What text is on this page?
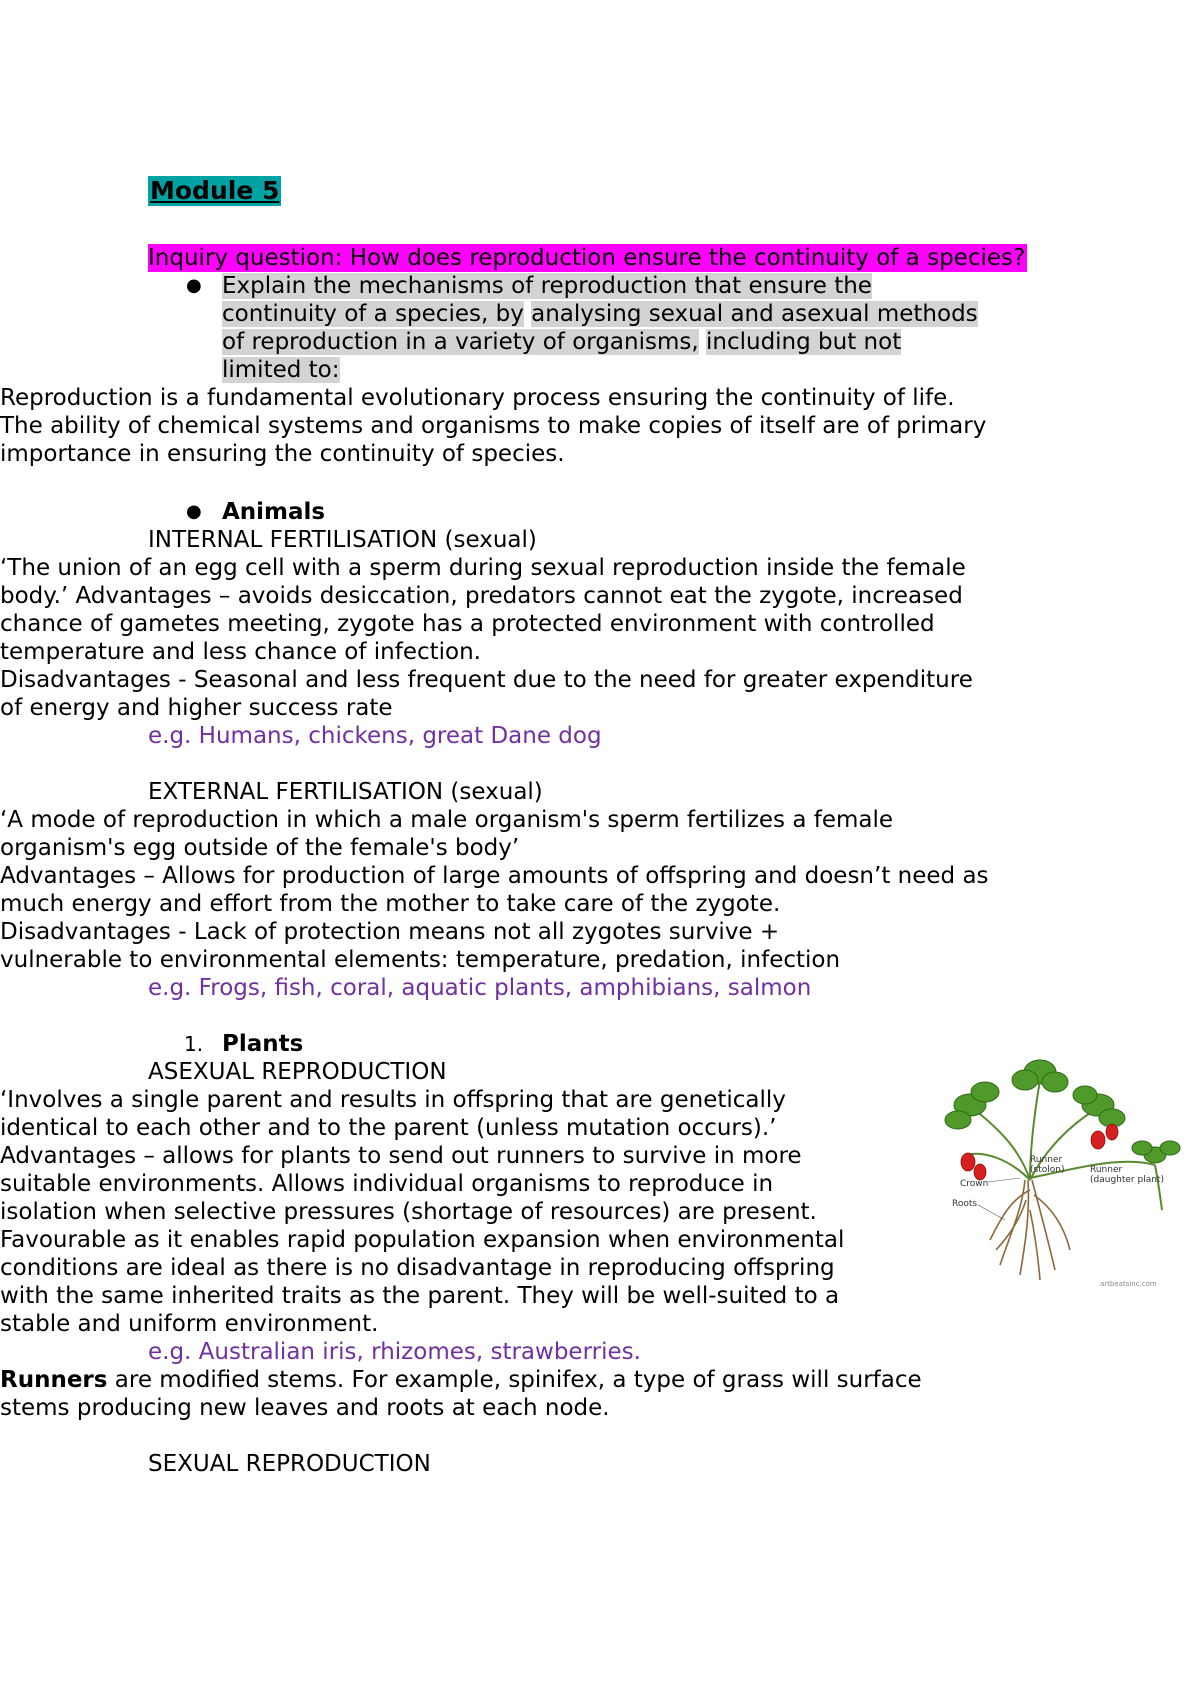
Module 5
Inquiry question: How does reproduction ensure the continuity of a species?
● Explain the mechanisms of reproduction that ensure the
continuity of a species, by analysing sexual and asexual methods
of reproduction in a variety of organisms, including but not
limited to:
Reproduction is a fundamental evolutionary process ensuring the continuity of life.
The ability of chemical systems and organisms to make copies of itself are of primary
importance in ensuring the continuity of species.
● Animals
INTERNAL FERTILISATION (sexual)
‘The union of an egg cell with a sperm during sexual reproduction inside the female
body.’ Advantages – avoids desiccation, predators cannot eat the zygote, increased
chance of gametes meeting, zygote has a protected environment with controlled
temperature and less chance of infection.
Disadvantages - Seasonal and less frequent due to the need for greater expenditure
of energy and higher success rate
e.g. Humans, chickens, great Dane dog
EXTERNAL FERTILISATION (sexual)
‘A mode of reproduction in which a male organism's sperm fertilizes a female
organism's egg outside of the female's body’
Advantages – Allows for production of large amounts of offspring and doesn’t need as
much energy and effort from the mother to take care of the zygote.
Disadvantages - Lack of protection means not all zygotes survive +
vulnerable to environmental elements: temperature, predation, infection
e.g. Frogs, fish, coral, aquatic plants, amphibians, salmon
1. Plants
ASEXUAL REPRODUCTION
‘Involves a single parent and results in offspring that are genetically
identical to each other and to the parent (unless mutation occurs).’
Advantages – allows for plants to send out runners to survive in more
suitable environments. Allows individual organisms to reproduce in
isolation when selective pressures (shortage of resources) are present.
Favourable as it enables rapid population expansion when environmental
conditions are ideal as there is no disadvantage in reproducing offspring
with the same inherited traits as the parent. They will be well-suited to a
stable and uniform environment.
e.g. Australian iris, rhizomes, strawberries.
Runners are modified stems. For example, spinifex, a type of grass will surface
stems producing new leaves and roots at each node.
SEXUAL REPRODUCTION
Crown
Runner
(stolon)	Runner
(daughter plant)
Roots
artbeatsinc.com
